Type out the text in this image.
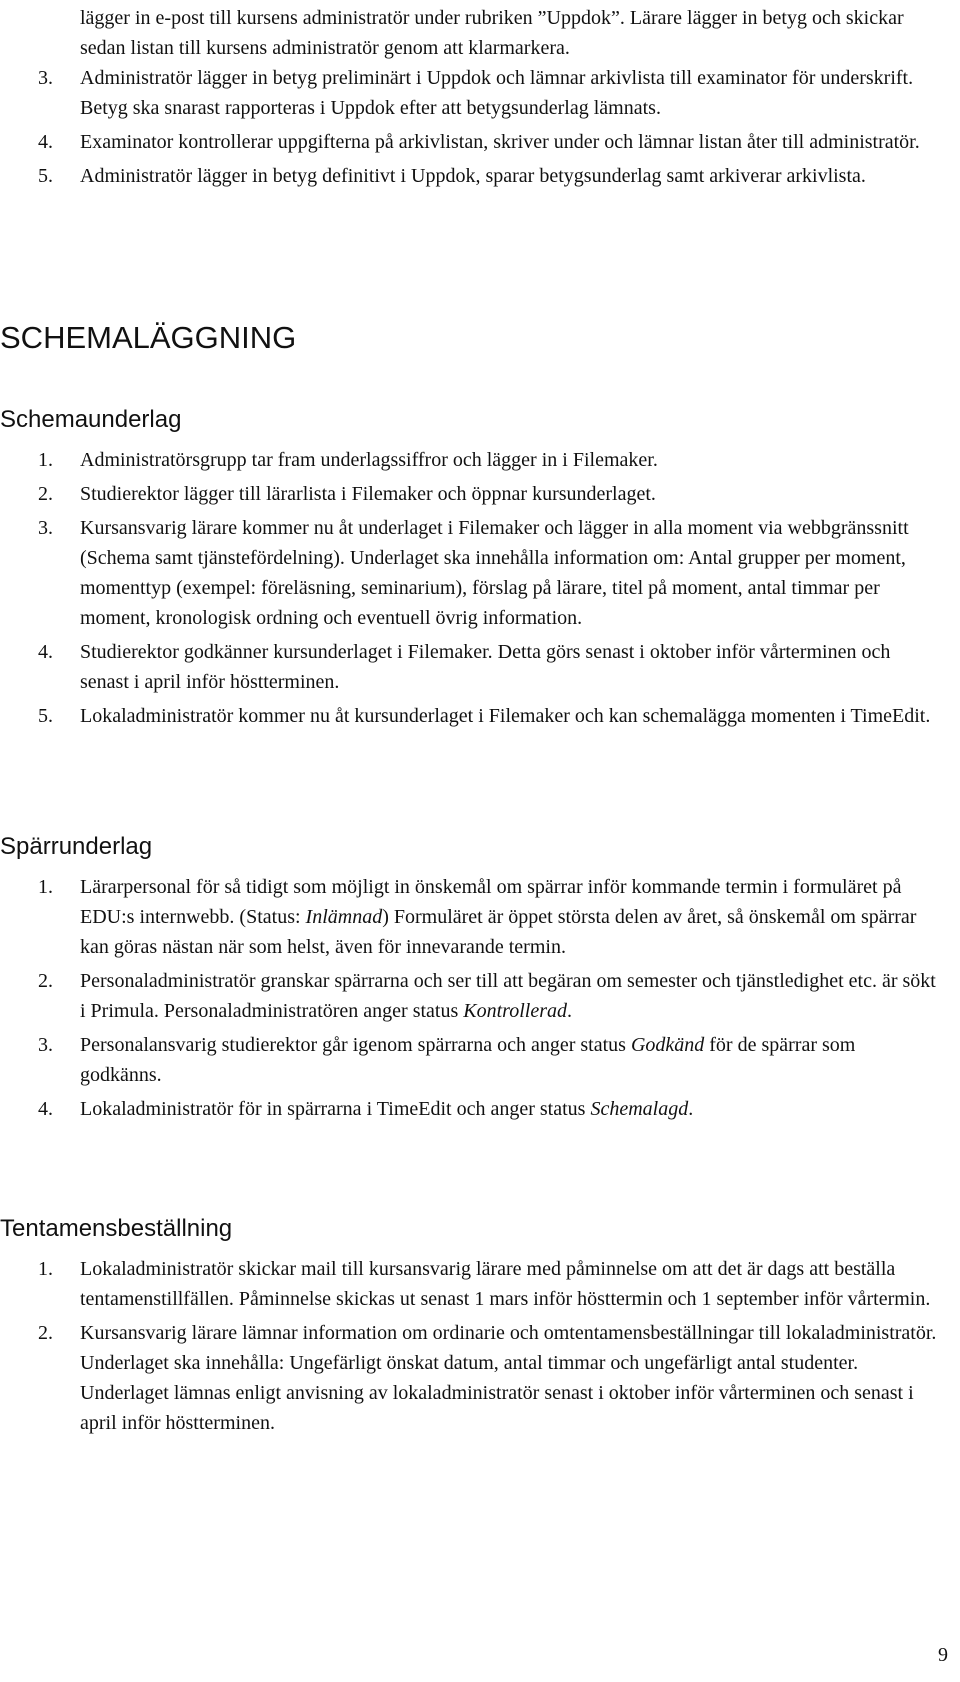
lägger in e-post till kursens administratör under rubriken ”Uppdok”. Lärare lägger in betyg och skickar sedan listan till kursens administratör genom att klarmarkera.
3. Administratör lägger in betyg preliminärt i Uppdok och lämnar arkivlista till examinator för underskrift. Betyg ska snarast rapporteras i Uppdok efter att betygsunderlag lämnats.
4. Examinator kontrollerar uppgifterna på arkivlistan, skriver under och lämnar listan åter till administratör.
5. Administratör lägger in betyg definitivt i Uppdok, sparar betygsunderlag samt arkiverar arkivlista.
SCHEMALÄGGNING
Schemaunderlag
1. Administratörsgrupp tar fram underlagssiffror och lägger in i Filemaker.
2. Studierektor lägger till lärarlista i Filemaker och öppnar kursunderlaget.
3. Kursansvarig lärare kommer nu åt underlaget i Filemaker och lägger in alla moment via webbgränssnitt (Schema samt tjänstefördelning). Underlaget ska innehålla information om: Antal grupper per moment, momenttyp (exempel: föreläsning, seminarium), förslag på lärare, titel på moment, antal timmar per moment, kronologisk ordning och eventuell övrig information.
4. Studierektor godkänner kursunderlaget i Filemaker. Detta görs senast i oktober inför vårterminen och senast i april inför höstterminen.
5. Lokaladministratör kommer nu åt kursunderlaget i Filemaker och kan schemalägga momenten i TimeEdit.
Spärrunderlag
1. Lärarpersonal för så tidigt som möjligt in önskemål om spärrar inför kommande termin i formuläret på EDU:s internwebb. (Status: Inlämnad) Formuläret är öppet största delen av året, så önskemål om spärrar kan göras nästan när som helst, även för innevarande termin.
2. Personaladministratör granskar spärrarna och ser till att begäran om semester och tjänstledighet etc. är sökt i Primula. Personaladministratören anger status Kontrollerad.
3. Personalansvarig studierektor går igenom spärrarna och anger status Godkänd för de spärrar som godkänns.
4. Lokaladministratör för in spärrarna i TimeEdit och anger status Schemalagd.
Tentamensbeställning
1. Lokaladministratör skickar mail till kursansvarig lärare med påminnelse om att det är dags att beställa tentamenstillfällen. Påminnelse skickas ut senast 1 mars inför hösttermin och 1 september inför vårtermin.
2. Kursansvarig lärare lämnar information om ordinarie och omtentamensbeställningar till lokaladministratör. Underlaget ska innehålla: Ungefärligt önskat datum, antal timmar och ungefärligt antal studenter. Underlaget lämnas enligt anvisning av lokaladministratör senast i oktober inför vårterminen och senast i april inför höstterminen.
9
